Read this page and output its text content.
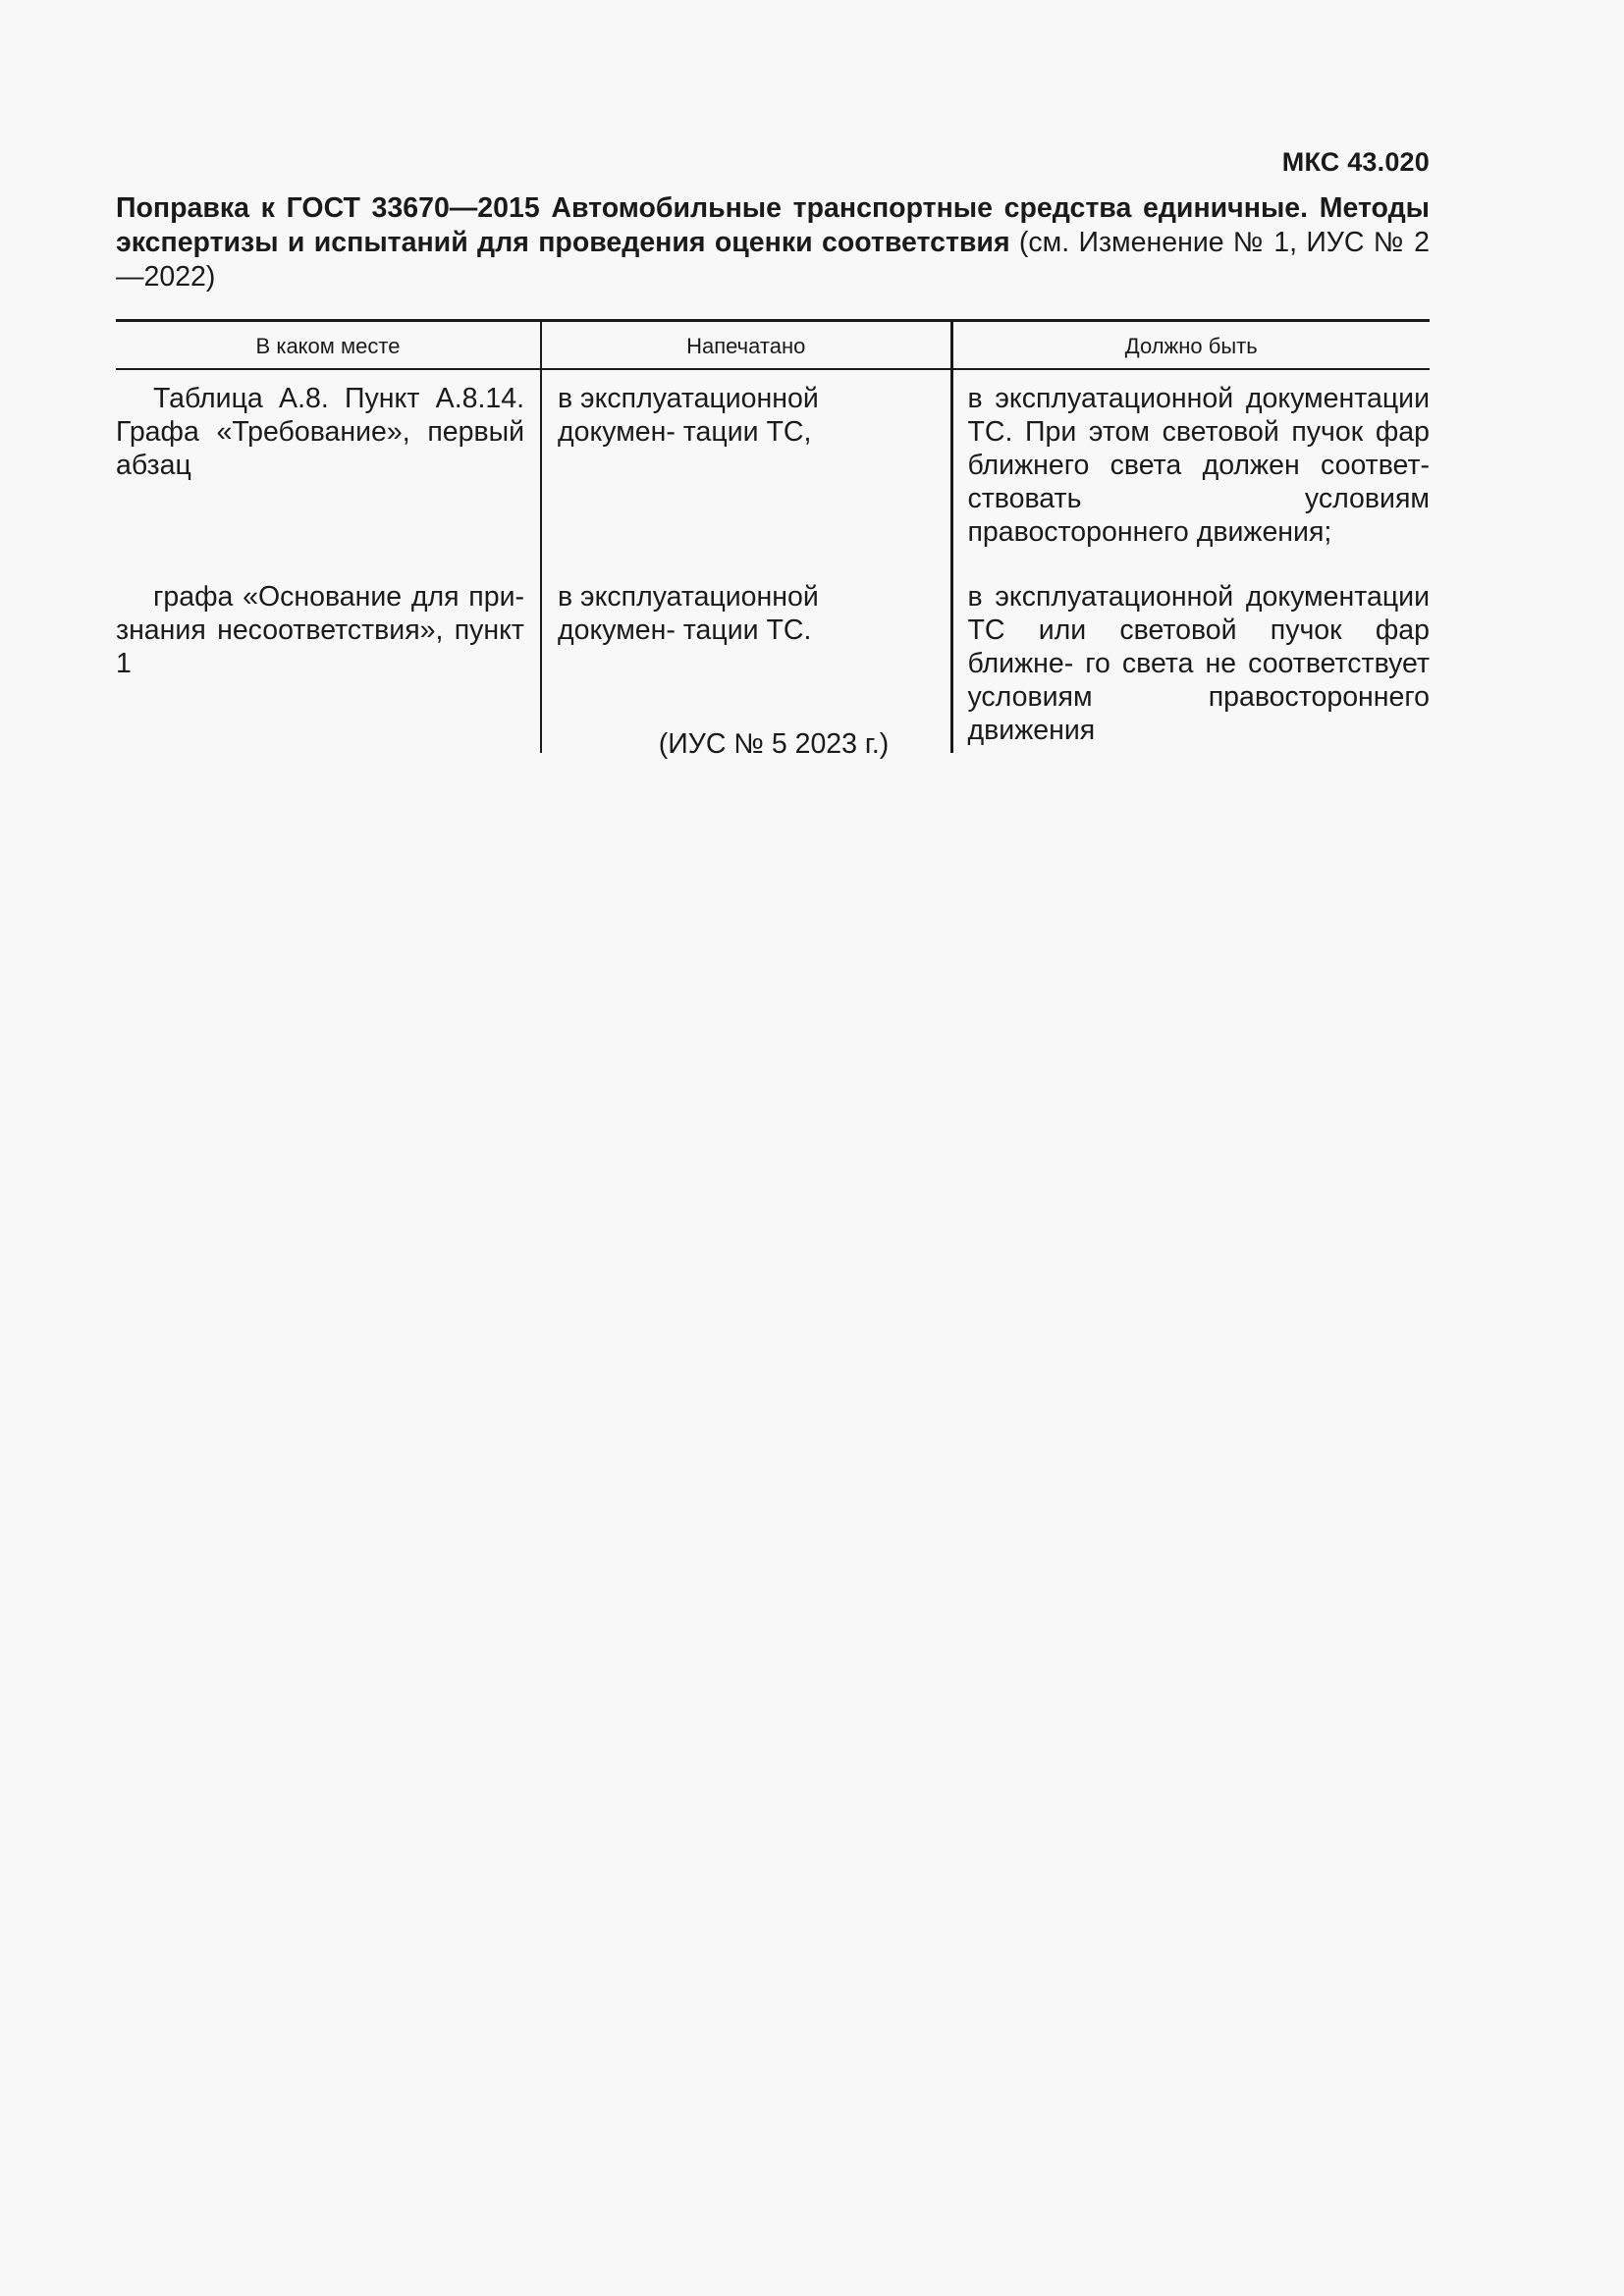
МКС 43.020
Поправка к ГОСТ 33670—2015 Автомобильные транспортные средства единичные. Методы экспертизы и испытаний для проведения оценки соответствия (см. Изменение № 1, ИУС № 2—2022)
В каком месте	Напечатано	Должно быть
Таблица А.8. Пункт А.8.14. Графа «Требование», первый абзац	в эксплуатационной докумен- тации ТС,	в эксплуатационной документации ТС. При этом световой пучок фар ближнего света должен соответ- ствовать условиям правостороннего движения;
графа «Основание для при- знания несоответствия», пункт 1	в эксплуатационной докумен- тации ТС.	в эксплуатационной документации ТС или световой пучок фар ближне- го света не соответствует условиям правостороннего движения
(ИУС № 5 2023 г.)
